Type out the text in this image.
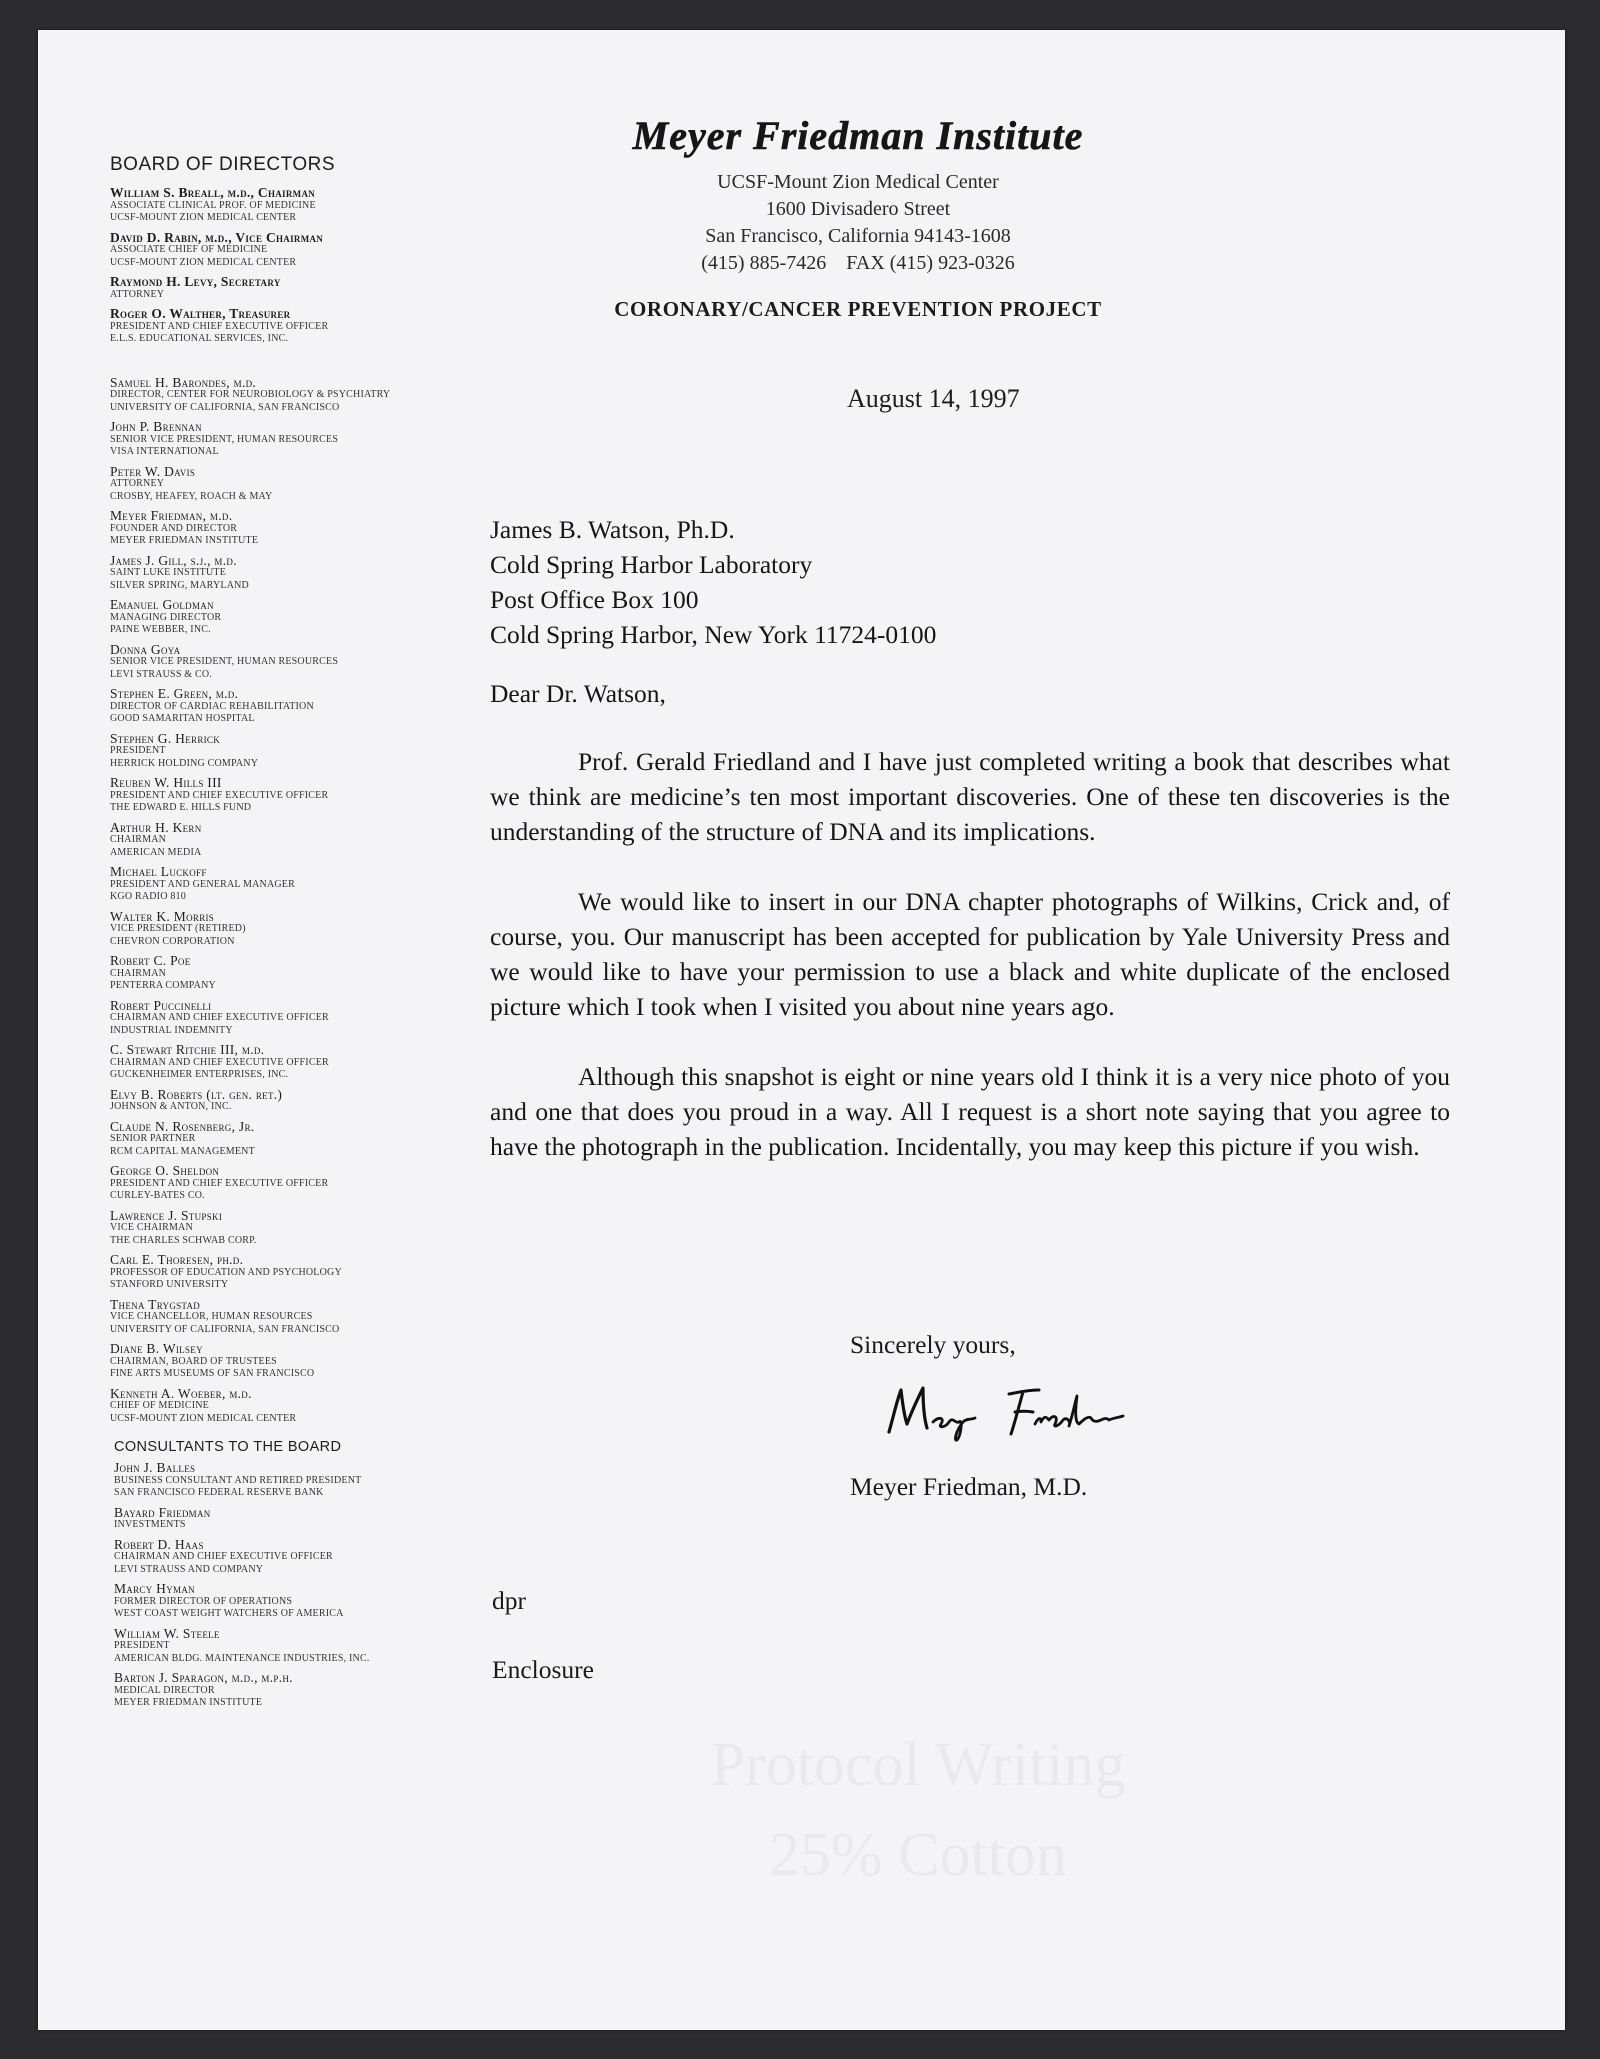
BOARD OF DIRECTORS
William S. Breall, m.d., Chairman
ASSOCIATE CLINICAL PROF. OF MEDICINE
UCSF-MOUNT ZION MEDICAL CENTER
David D. Rabin, m.d., Vice Chairman
ASSOCIATE CHIEF OF MEDICINE
UCSF-MOUNT ZION MEDICAL CENTER
Raymond H. Levy, Secretary
ATTORNEY
Roger O. Walther, Treasurer
PRESIDENT AND CHIEF EXECUTIVE OFFICER
E.L.S. EDUCATIONAL SERVICES, INC.
Samuel H. Barondes, m.d.
DIRECTOR, CENTER FOR NEUROBIOLOGY & PSYCHIATRY
UNIVERSITY OF CALIFORNIA, SAN FRANCISCO
John P. Brennan
SENIOR VICE PRESIDENT, HUMAN RESOURCES
VISA INTERNATIONAL
Peter W. Davis
ATTORNEY
CROSBY, HEAFEY, ROACH & MAY
Meyer Friedman, m.d.
FOUNDER AND DIRECTOR
MEYER FRIEDMAN INSTITUTE
James J. Gill, s.j., m.d.
SAINT LUKE INSTITUTE
SILVER SPRING, MARYLAND
Emanuel Goldman
MANAGING DIRECTOR
PAINE WEBBER, INC.
Donna Goya
SENIOR VICE PRESIDENT, HUMAN RESOURCES
LEVI STRAUSS & CO.
Stephen E. Green, m.d.
DIRECTOR OF CARDIAC REHABILITATION
GOOD SAMARITAN HOSPITAL
Stephen G. Herrick
PRESIDENT
HERRICK HOLDING COMPANY
Reuben W. Hills III
PRESIDENT AND CHIEF EXECUTIVE OFFICER
THE EDWARD E. HILLS FUND
Arthur H. Kern
CHAIRMAN
AMERICAN MEDIA
Michael Luckoff
PRESIDENT AND GENERAL MANAGER
KGO RADIO 810
Walter K. Morris
VICE PRESIDENT (RETIRED)
CHEVRON CORPORATION
Robert C. Poe
CHAIRMAN
PENTERRA COMPANY
Robert Puccinelli
CHAIRMAN AND CHIEF EXECUTIVE OFFICER
INDUSTRIAL INDEMNITY
C. Stewart Ritchie III, m.d.
CHAIRMAN AND CHIEF EXECUTIVE OFFICER
GUCKENHEIMER ENTERPRISES, INC.
Elvy B. Roberts (lt. gen. ret.)
JOHNSON & ANTON, INC.
Claude N. Rosenberg, Jr.
SENIOR PARTNER
RCM CAPITAL MANAGEMENT
George O. Sheldon
PRESIDENT AND CHIEF EXECUTIVE OFFICER
CURLEY-BATES CO.
Lawrence J. Stupski
VICE CHAIRMAN
THE CHARLES SCHWAB CORP.
Carl E. Thoresen, ph.d.
PROFESSOR OF EDUCATION AND PSYCHOLOGY
STANFORD UNIVERSITY
Thena Trygstad
VICE CHANCELLOR, HUMAN RESOURCES
UNIVERSITY OF CALIFORNIA, SAN FRANCISCO
Diane B. Wilsey
CHAIRMAN, BOARD OF TRUSTEES
FINE ARTS MUSEUMS OF SAN FRANCISCO
Kenneth A. Woeber, m.d.
CHIEF OF MEDICINE
UCSF-MOUNT ZION MEDICAL CENTER
CONSULTANTS TO THE BOARD
John J. Balles
BUSINESS CONSULTANT AND RETIRED PRESIDENT
SAN FRANCISCO FEDERAL RESERVE BANK
Bayard Friedman
INVESTMENTS
Robert D. Haas
CHAIRMAN AND CHIEF EXECUTIVE OFFICER
LEVI STRAUSS AND COMPANY
Marcy Hyman
FORMER DIRECTOR OF OPERATIONS
WEST COAST WEIGHT WATCHERS OF AMERICA
William W. Steele
PRESIDENT
AMERICAN BLDG. MAINTENANCE INDUSTRIES, INC.
Barton J. Sparagon, m.d., m.p.h.
MEDICAL DIRECTOR
MEYER FRIEDMAN INSTITUTE
Meyer Friedman Institute
UCSF-Mount Zion Medical Center
1600 Divisadero Street
San Francisco, California 94143-1608
(415) 885-7426    FAX (415) 923-0326
CORONARY/CANCER PREVENTION PROJECT
August 14, 1997
Protocol Writing
25% Cotton
James B. Watson, Ph.D.
Cold Spring Harbor Laboratory
Post Office Box 100
Cold Spring Harbor, New York 11724-0100
Dear Dr. Watson,
Prof. Gerald Friedland and I have just completed writing a book that describes what we think are medicine’s ten most important discoveries. One of these ten discoveries is the understanding of the structure of DNA and its implications.
We would like to insert in our DNA chapter photographs of Wilkins, Crick and, of course, you. Our manuscript has been accepted for publication by Yale University Press and we would like to have your permission to use a black and white duplicate of the enclosed picture which I took when I visited you about nine years ago.
Although this snapshot is eight or nine years old I think it is a very nice photo of you and one that does you proud in a way. All I request is a short note saying that you agree to have the photograph in the publication. Incidentally, you may keep this picture if you wish.
Sincerely yours,
Meyer Friedman, M.D.
dpr
Enclosure
